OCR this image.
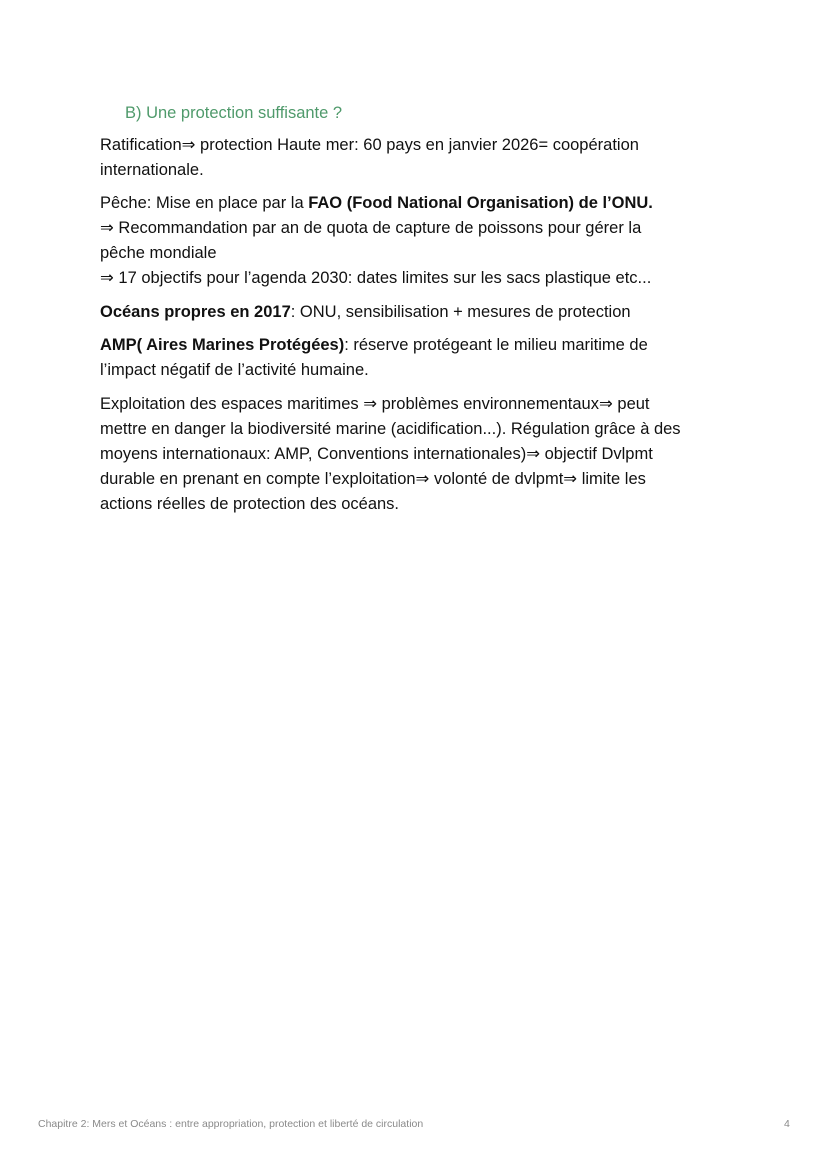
B) Une protection suffisante ?
Ratification⇒ protection Haute mer: 60 pays en janvier 2026= coopération
internationale.
Pêche: Mise en place par la FAO (Food National Organisation) de l’ONU.
⇒ Recommandation par an de quota de capture de poissons pour gérer la
pêche mondiale
⇒ 17 objectifs pour l’agenda 2030: dates limites sur les sacs plastique etc...
Océans propres en 2017: ONU, sensibilisation + mesures de protection
AMP( Aires Marines Protégées): réserve protégeant le milieu maritime de
l’impact négatif de l’activité humaine.
Exploitation des espaces maritimes ⇒ problèmes environnementaux⇒ peut
mettre en danger la biodiversité marine (acidification...). Régulation grâce à des
moyens internationaux: AMP, Conventions internationales)⇒ objectif Dvlpmt
durable en prenant en compte l’exploitation⇒ volonté de dvlpmt⇒ limite les
actions réelles de protection des océans.
Chapitre 2: Mers et Océans : entre appropriation, protection et liberté de circulation	4
